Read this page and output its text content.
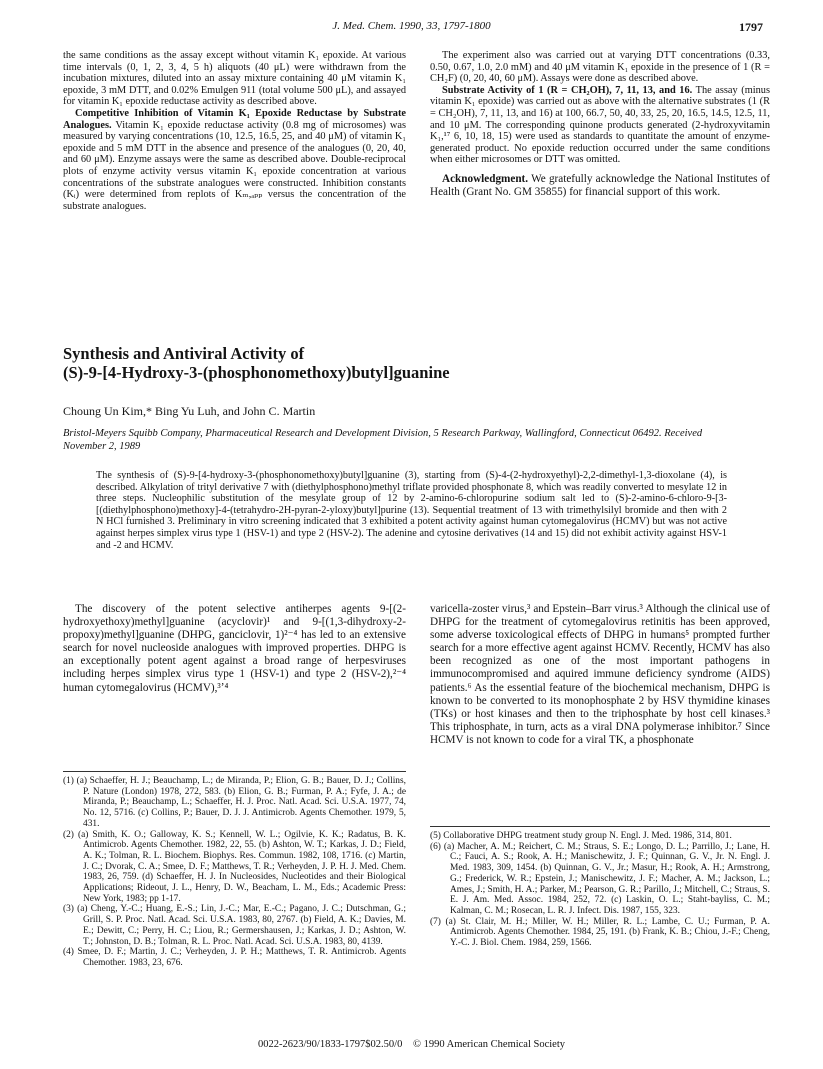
J. Med. Chem. 1990, 33, 1797-1800	1797

the same conditions as the assay except without vitamin K₁ epoxide. At various time intervals (0, 1, 2, 3, 4, 5 h) aliquots (40 μL) were withdrawn from the incubation mixtures, diluted into an assay mixture containing 40 μM vitamin K₁ epoxide, 3 mM DTT, and 0.02% Emulgen 911 (total volume 500 μL), and assayed for vitamin K₁ epoxide reductase activity as described above.

Competitive Inhibition of Vitamin K₁ Epoxide Reductase by Substrate Analogues. Vitamin K₁ epoxide reductase activity (0.8 mg of microsomes) was measured by varying concentrations (10, 12.5, 16.5, 25, and 40 μM) of vitamin K₁ epoxide and 5 mM DTT in the absence and presence of the analogues (0, 20, 40, and 60 μM). Enzyme assays were the same as described above. Double-reciprocal plots of enzyme activity versus vitamin K₁ epoxide concentration at various concentrations of the substrate analogues were constructed. Inhibition constants (Kᵢ) were determined from replots of Kₘ,ₐₚₚ versus the concentration of the substrate analogues.

The experiment also was carried out at varying DTT concentrations (0.33, 0.50, 0.67, 1.0, 2.0 mM) and 40 μM vitamin K₁ epoxide in the presence of 1 (R = CH₂F) (0, 20, 40, 60 μM). Assays were done as described above.

Substrate Activity of 1 (R = CH₂OH), 7, 11, 13, and 16. The assay (minus vitamin K₁ epoxide) was carried out as above with the alternative substrates (1 (R = CH₂OH), 7, 11, 13, and 16) at 100, 66.7, 50, 40, 33, 25, 20, 16.5, 14.5, 12.5, 11, and 10 μM. The corresponding quinone products generated (2-hydroxyvitamin K₁,¹⁷ 6, 10, 18, 15) were used as standards to quantitate the amount of enzyme-generated product. No epoxide reduction occurred under the same conditions when either microsomes or DTT was omitted.

Acknowledgment. We gratefully acknowledge the National Institutes of Health (Grant No. GM 35855) for financial support of this work.

Synthesis and Antiviral Activity of
(S)-9-[4-Hydroxy-3-(phosphonomethoxy)butyl]guanine
Choung Un Kim,* Bing Yu Luh, and John C. Martin
Bristol-Meyers Squibb Company, Pharmaceutical Research and Development Division, 5 Research Parkway, Wallingford, Connecticut 06492. Received November 2, 1989
The synthesis of (S)-9-[4-hydroxy-3-(phosphonomethoxy)butyl]guanine (3), starting from (S)-4-(2-hydroxyethyl)-2,2-dimethyl-1,3-dioxolane (4), is described. Alkylation of trityl derivative 7 with (diethylphosphono)methyl triflate provided phosphonate 8, which was readily converted to mesylate 12 in three steps. Nucleophilic substitution of the mesylate group of 12 by 2-amino-6-chloropurine sodium salt led to (S)-2-amino-6-chloro-9-[3-[(diethylphosphono)methoxy]-4-(tetrahydro-2H-pyran-2-yloxy)butyl]purine (13). Sequential treatment of 13 with trimethylsilyl bromide and then with 2 N HCl furnished 3. Preliminary in vitro screening indicated that 3 exhibited a potent activity against human cytomegalovirus (HCMV) but was not active against herpes simplex virus type 1 (HSV-1) and type 2 (HSV-2). The adenine and cytosine derivatives (14 and 15) did not exhibit activity against HSV-1 and -2 and HCMV.

The discovery of the potent selective antiherpes agents 9-[(2-hydroxyethoxy)methyl]guanine (acyclovir)¹ and 9-[(1,3-dihydroxy-2-propoxy)methyl]guanine (DHPG, ganciclovir, 1)²⁻⁴ has led to an extensive search for novel nucleoside analogues with improved properties. DHPG is an exceptionally potent agent against a broad range of herpesviruses including herpes simplex virus type 1 (HSV-1) and type 2 (HSV-2),²⁻⁴ human cytomegalovirus (HCMV),³ʼ⁴

varicella-zoster virus,³ and Epstein–Barr virus.³ Although the clinical use of DHPG for the treatment of cytomegalovirus retinitis has been approved, some adverse toxicological effects of DHPG in humans⁵ prompted further search for a more effective agent against HCMV. Recently, HCMV has also been recognized as one of the most important pathogens in immunocompromised and aquired immune deficiency syndrome (AIDS) patients.⁶ As the essential feature of the biochemical mechanism, DHPG is known to be converted to its monophosphate 2 by HSV thymidine kinases (TKs) or host kinases and then to the triphosphate by host cell kinases.³ This triphosphate, in turn, acts as a viral DNA polymerase inhibitor.⁷ Since HCMV is not known to code for a viral TK, a phosphonate

(1) (a) Schaeffer, H. J.; Beauchamp, L.; de Miranda, P.; Elion, G. B.; Bauer, D. J.; Collins, P. Nature (London) 1978, 272, 583. (b) Elion, G. B.; Furman, P. A.; Fyfe, J. A.; de Miranda, P.; Beauchamp, L.; Schaeffer, H. J. Proc. Natl. Acad. Sci. U.S.A. 1977, 74, No. 12, 5716. (c) Collins, P.; Bauer, D. J. J. Antimicrob. Agents Chemother. 1979, 5, 431.

(2) (a) Smith, K. O.; Galloway, K. S.; Kennell, W. L.; Ogilvie, K. K.; Radatus, B. K. Antimicrob. Agents Chemother. 1982, 22, 55. (b) Ashton, W. T.; Karkas, J. D.; Field, A. K.; Tolman, R. L. Biochem. Biophys. Res. Commun. 1982, 108, 1716. (c) Martin, J. C.; Dvorak, C. A.; Smee, D. F.; Matthews, T. R.; Verheyden, J. P. H. J. Med. Chem. 1983, 26, 759. (d) Schaeffer, H. J. In Nucleosides, Nucleotides and their Biological Applications; Rideout, J. L., Henry, D. W., Beacham, L. M., Eds.; Academic Press: New York, 1983; pp 1-17.

(3) (a) Cheng, Y.-C.; Huang, E.-S.; Lin, J.-C.; Mar, E.-C.; Pagano, J. C.; Dutschman, G.; Grill, S. P. Proc. Natl. Acad. Sci. U.S.A. 1983, 80, 2767. (b) Field, A. K.; Davies, M. E.; Dewitt, C.; Perry, H. C.; Liou, R.; Germershausen, J.; Karkas, J. D.; Ashton, W. T.; Johnston, D. B.; Tolman, R. L. Proc. Natl. Acad. Sci. U.S.A. 1983, 80, 4139.

(4) Smee, D. F.; Martin, J. C.; Verheyden, J. P. H.; Matthews, T. R. Antimicrob. Agents Chemother. 1983, 23, 676.

(5) Collaborative DHPG treatment study group N. Engl. J. Med. 1986, 314, 801.

(6) (a) Macher, A. M.; Reichert, C. M.; Straus, S. E.; Longo, D. L.; Parrillo, J.; Lane, H. C.; Fauci, A. S.; Rook, A. H.; Manischewitz, J. F.; Quinnan, G. V., Jr. N. Engl. J. Med. 1983, 309, 1454. (b) Quinnan, G. V., Jr.; Masur, H.; Rook, A. H.; Armstrong, G.; Frederick, W. R.; Epstein, J.; Manischewitz, J. F.; Macher, A. M.; Jackson, L.; Ames, J.; Smith, H. A.; Parker, M.; Pearson, G. R.; Parillo, J.; Mitchell, C.; Straus, S. E. J. Am. Med. Assoc. 1984, 252, 72. (c) Laskin, O. L.; Staht-bayliss, C. M.; Kalman, C. M.; Rosecan, L. R. J. Infect. Dis. 1987, 155, 323.

(7) (a) St. Clair, M. H.; Miller, W. H.; Miller, R. L.; Lambe, C. U.; Furman, P. A. Antimicrob. Agents Chemother. 1984, 25, 191. (b) Frank, K. B.; Chiou, J.-F.; Cheng, Y.-C. J. Biol. Chem. 1984, 259, 1566.

0022-2623/90/1833-1797$02.50/0 © 1990 American Chemical Society
